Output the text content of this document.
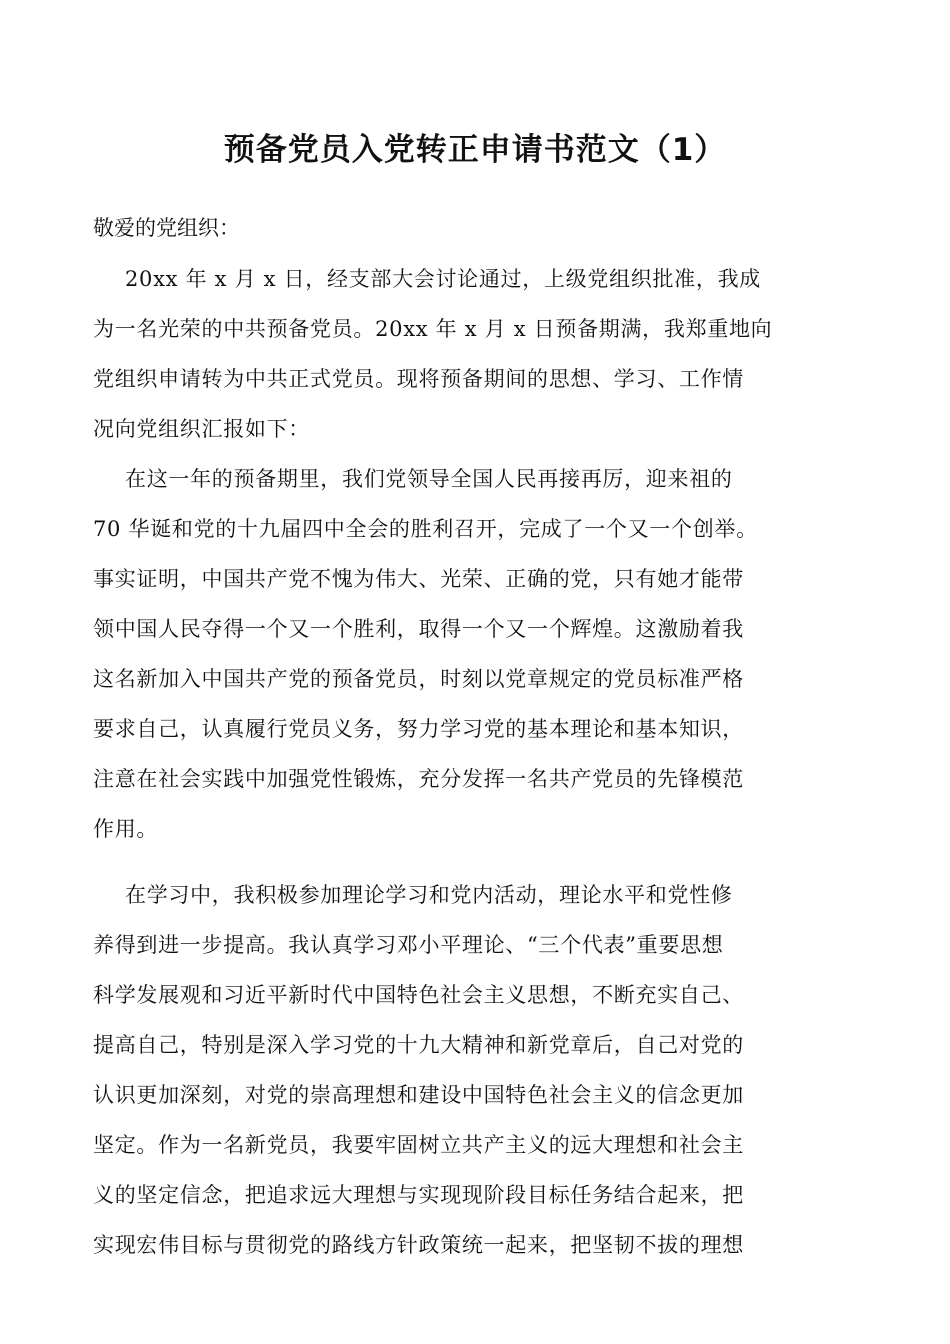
预备党员入党转正申请书范文（1）
敬爱的党组织：
20xx 年 x 月 x 日，经支部大会讨论通过，上级党组织批准，我成
为一名光荣的中共预备党员。20xx 年 x 月 x 日预备期满，我郑重地向
党组织申请转为中共正式党员。现将预备期间的思想、学习、工作情
况向党组织汇报如下：
在这一年的预备期里，我们党领导全国人民再接再厉，迎来祖的
70 华诞和党的十九届四中全会的胜利召开，完成了一个又一个创举。
事实证明，中国共产党不愧为伟大、光荣、正确的党，只有她才能带
领中国人民夺得一个又一个胜利，取得一个又一个辉煌。这激励着我
这名新加入中国共产党的预备党员，时刻以党章规定的党员标准严格
要求自己，认真履行党员义务，努力学习党的基本理论和基本知识，
注意在社会实践中加强党性锻炼，充分发挥一名共产党员的先锋模范
作用。
在学习中，我积极参加理论学习和党内活动，理论水平和党性修
养得到进一步提高。我认真学习邓小平理论、“三个代表”重要思想
科学发展观和习近平新时代中国特色社会主义思想，不断充实自己、
提高自己，特别是深入学习党的十九大精神和新党章后，自己对党的
认识更加深刻，对党的崇高理想和建设中国特色社会主义的信念更加
坚定。作为一名新党员，我要牢固树立共产主义的远大理想和社会主
义的坚定信念，把追求远大理想与实现现阶段目标任务结合起来，把
实现宏伟目标与贯彻党的路线方针政策统一起来，把坚韧不拔的理想
